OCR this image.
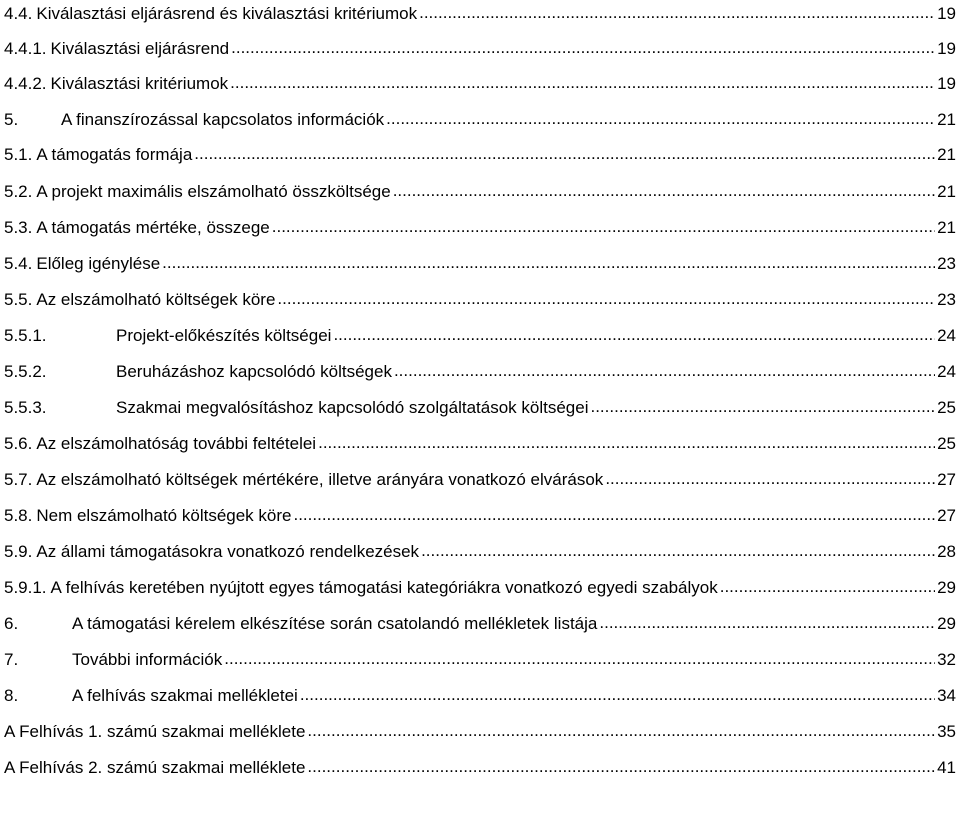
4.4. Kiválasztási eljárásrend és kiválasztási kritériumok .....	19
4.4.1. Kiválasztási eljárásrend .....	19
4.4.2. Kiválasztási kritériumok .....	19
5.	A finanszírozással kapcsolatos információk .....	21
5.1. A támogatás formája .....	21
5.2. A projekt maximális elszámolható összköltsége .....	21
5.3. A támogatás mértéke, összege .....	21
5.4. Előleg igénylése .....	23
5.5. Az elszámolható költségek köre .....	23
5.5.1.	Projekt-előkészítés költségei .....	24
5.5.2.	Beruházáshoz kapcsolódó költségek .....	24
5.5.3.	Szakmai megvalósításhoz kapcsolódó szolgáltatások költségei .....	25
5.6. Az elszámolhatóság további feltételei .....	25
5.7. Az elszámolható költségek mértékére, illetve arányára vonatkozó elvárások .....	27
5.8. Nem elszámolható költségek köre .....	27
5.9. Az állami támogatásokra vonatkozó rendelkezések .....	28
5.9.1. A felhívás keretében nyújtott egyes támogatási kategóriákra vonatkozó egyedi szabályok .....	29
6.	A támogatási kérelem elkészítése során csatolandó mellékletek listája .....	29
7.	További információk .....	32
8.	A felhívás szakmai mellékletei .....	34
A Felhívás 1. számú szakmai melléklete .....	35
A Felhívás 2. számú szakmai melléklete .....	41
